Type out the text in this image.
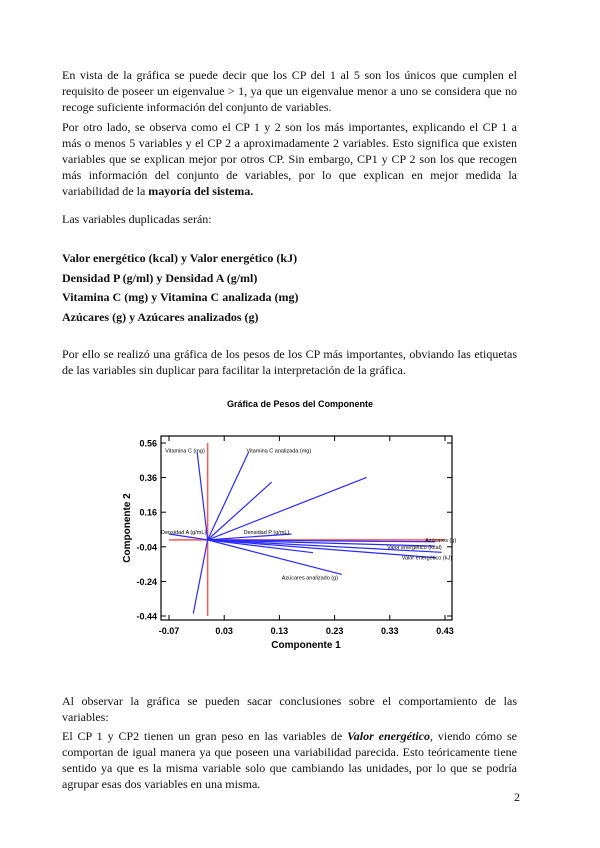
En vista de la gráfica se puede decir que los CP del 1 al 5 son los únicos que cumplen el
requisito de poseer un eigenvalue > 1, ya que un eigenvalue menor a uno se considera que no
recoge suficiente información del conjunto de variables.
Por otro lado, se observa como el CP 1 y 2 son los más importantes, explicando el CP 1 a
más o menos 5 variables y el CP 2 a aproximadamente 2 variables. Esto significa que existen
variables que se explican mejor por otros CP. Sin embargo, CP1 y CP 2 son los que recogen
más información del conjunto de variables, por lo que explican en mejor medida la
variabilidad de la mayoría del sistema.
Las variables duplicadas serán:
Valor energético (kcal) y Valor energético (kJ)
Densidad P (g/ml) y Densidad A (g/ml)
Vitamina C (mg) y Vitamina C analizada (mg)
Azúcares (g) y Azúcares analizados (g)
Por ello se realizó una gráfica de los pesos de los CP más importantes, obviando las etiquetas
de las variables sin duplicar para facilitar la interpretación de la gráfica.
Gráfica de Pesos del Componente
-0.07	0.03	0.13	0.23	0.33	0.43
0.56
0.36
0.16
-0.04
-0.24
-0.44
Vitamina C (mg)	Vitamina C analizada (mg)
Densidad P (g/mL)
Densidad A (g/mL)
Azúcares (g)
Valor energético (kcal)
Valor energético (kJ)
Azúcares analizado (g)
Componente 1
Componente 2
Al observar la gráfica se pueden sacar conclusiones sobre el comportamiento de las
variables:
El CP 1 y CP2 tienen un gran peso en las variables de Valor energético, viendo cómo se
comportan de igual manera ya que poseen una variabilidad parecida. Esto teóricamente tiene
sentido ya que es la misma variable solo que cambiando las unidades, por lo que se podría
agrupar esas dos variables en una misma.
2
